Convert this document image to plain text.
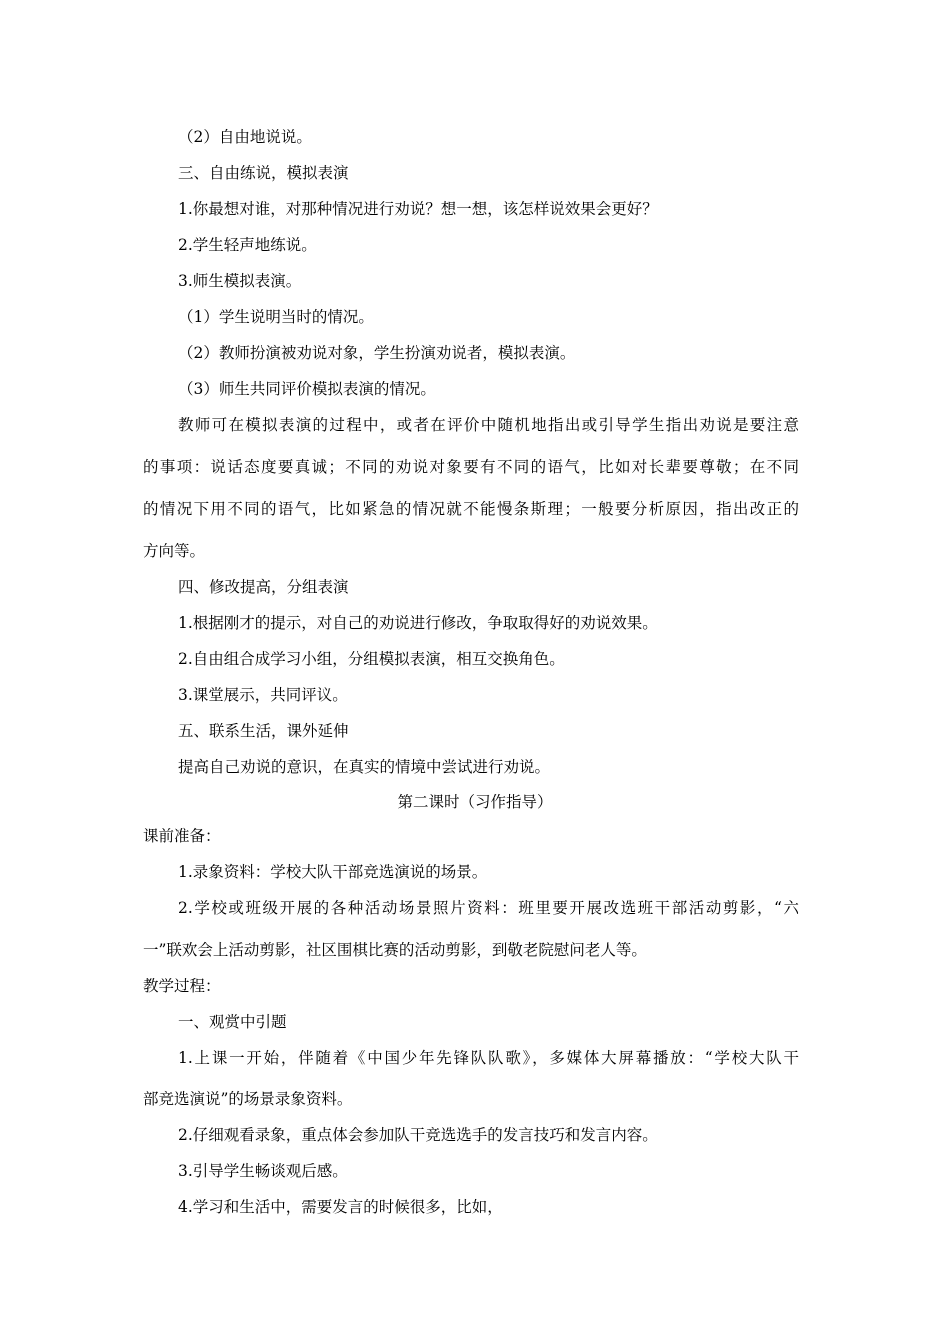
（2）自由地说说。
三、自由练说，模拟表演
1.你最想对谁，对那种情况进行劝说？想一想，该怎样说效果会更好？
2.学生轻声地练说。
3.师生模拟表演。
（1）学生说明当时的情况。
（2）教师扮演被劝说对象，学生扮演劝说者，模拟表演。
（3）师生共同评价模拟表演的情况。
教师可在模拟表演的过程中，或者在评价中随机地指出或引导学生指出劝说是要注意
的事项：说话态度要真诚；不同的劝说对象要有不同的语气，比如对长辈要尊敬；在不同
的情况下用不同的语气，比如紧急的情况就不能慢条斯理；一般要分析原因，指出改正的
方向等。
四、修改提高，分组表演
1.根据刚才的提示，对自己的劝说进行修改，争取取得好的劝说效果。
2.自由组合成学习小组，分组模拟表演，相互交换角色。
3.课堂展示，共同评议。
五、联系生活，课外延伸
提高自己劝说的意识，在真实的情境中尝试进行劝说。
第二课时（习作指导）
课前准备：
1.录象资料：学校大队干部竞选演说的场景。
2.学校或班级开展的各种活动场景照片资料：班里要开展改选班干部活动剪影，“六
一”联欢会上活动剪影，社区围棋比赛的活动剪影，到敬老院慰问老人等。
教学过程：
一、观赏中引题
1.上课一开始，伴随着《中国少年先锋队队歌》，多媒体大屏幕播放：“学校大队干
部竞选演说”的场景录象资料。
2.仔细观看录象，重点体会参加队干竞选选手的发言技巧和发言内容。
3.引导学生畅谈观后感。
4.学习和生活中，需要发言的时候很多，比如，
